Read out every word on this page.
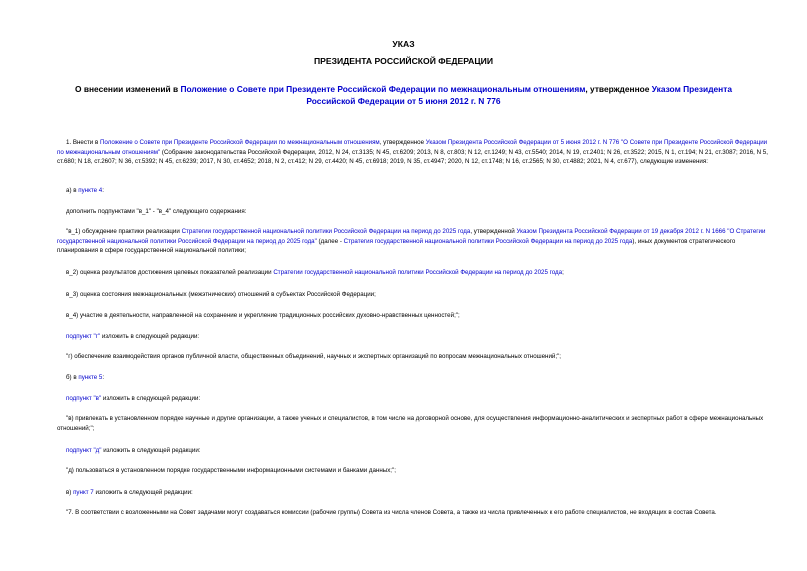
УКАЗ
ПРЕЗИДЕНТА РОССИЙСКОЙ ФЕДЕРАЦИИ
О внесении изменений в Положение о Совете при Президенте Российской Федерации по межнациональным отношениям, утвержденное Указом Президента Российской Федерации от 5 июня 2012 г. N 776

1. Внести в Положение о Совете при Президенте Российской Федерации по межнациональным отношениям, утвержденное Указом Президента Российской Федерации от 5 июня 2012 г. N 776 "О Совете при Президенте Российской Федерации по межнациональным отношениям" (Собрание законодательства Российской Федерации, 2012, N 24, ст.3135; N 45, ст.6209; 2013, N 8, ст.803; N 12, ст.1249; N 43, ст.5540; 2014, N 19, ст.2401; N 26, ст.3522; 2015, N 1, ст.194; N 21, ст.3087; 2016, N 5, ст.680; N 18, ст.2607; N 36, ст.5392; N 45, ст.6239; 2017, N 30, ст.4652; 2018, N 2, ст.412; N 29, ст.4420; N 45, ст.6918; 2019, N 35, ст.4947; 2020, N 12, ст.1748; N 16, ст.2565; N 30, ст.4882; 2021, N 4, ст.677), следующие изменения:

а) в пункте 4:

дополнить подпунктами "в_1" - "в_4" следующего содержания:

"в_1) обсуждение практики реализации Стратегии государственной национальной политики Российской Федерации на период до 2025 года, утвержденной Указом Президента Российской Федерации от 19 декабря 2012 г. N 1666 "О Стратегии государственной национальной политики Российской Федерации на период до 2025 года" (далее - Стратегия государственной национальной политики Российской Федерации на период до 2025 года), иных документов стратегического планирования в сфере государственной национальной политики;

в_2) оценка результатов достижения целевых показателей реализации Стратегии государственной национальной политики Российской Федерации на период до 2025 года;

в_3) оценка состояния межнациональных (межэтнических) отношений в субъектах Российской Федерации;

в_4) участие в деятельности, направленной на сохранение и укрепление традиционных российских духовно-нравственных ценностей;";

подпункт "г" изложить в следующей редакции:

"г) обеспечение взаимодействия органов публичной власти, общественных объединений, научных и экспертных организаций по вопросам межнациональных отношений;";

б) в пункте 5:

подпункт "в" изложить в следующей редакции:

"в) привлекать в установленном порядке научные и другие организации, а также ученых и специалистов, в том числе на договорной основе, для осуществления информационно-аналитических и экспертных работ в сфере межнациональных отношений;";

подпункт "д" изложить в следующей редакции:

"д) пользоваться в установленном порядке государственными информационными системами и банками данных;";

в) пункт 7 изложить в следующей редакции:

"7. В соответствии с возложенными на Совет задачами могут создаваться комиссии (рабочие группы) Совета из числа членов Совета, а также из числа привлеченных к его работе специалистов, не входящих в состав Совета.
